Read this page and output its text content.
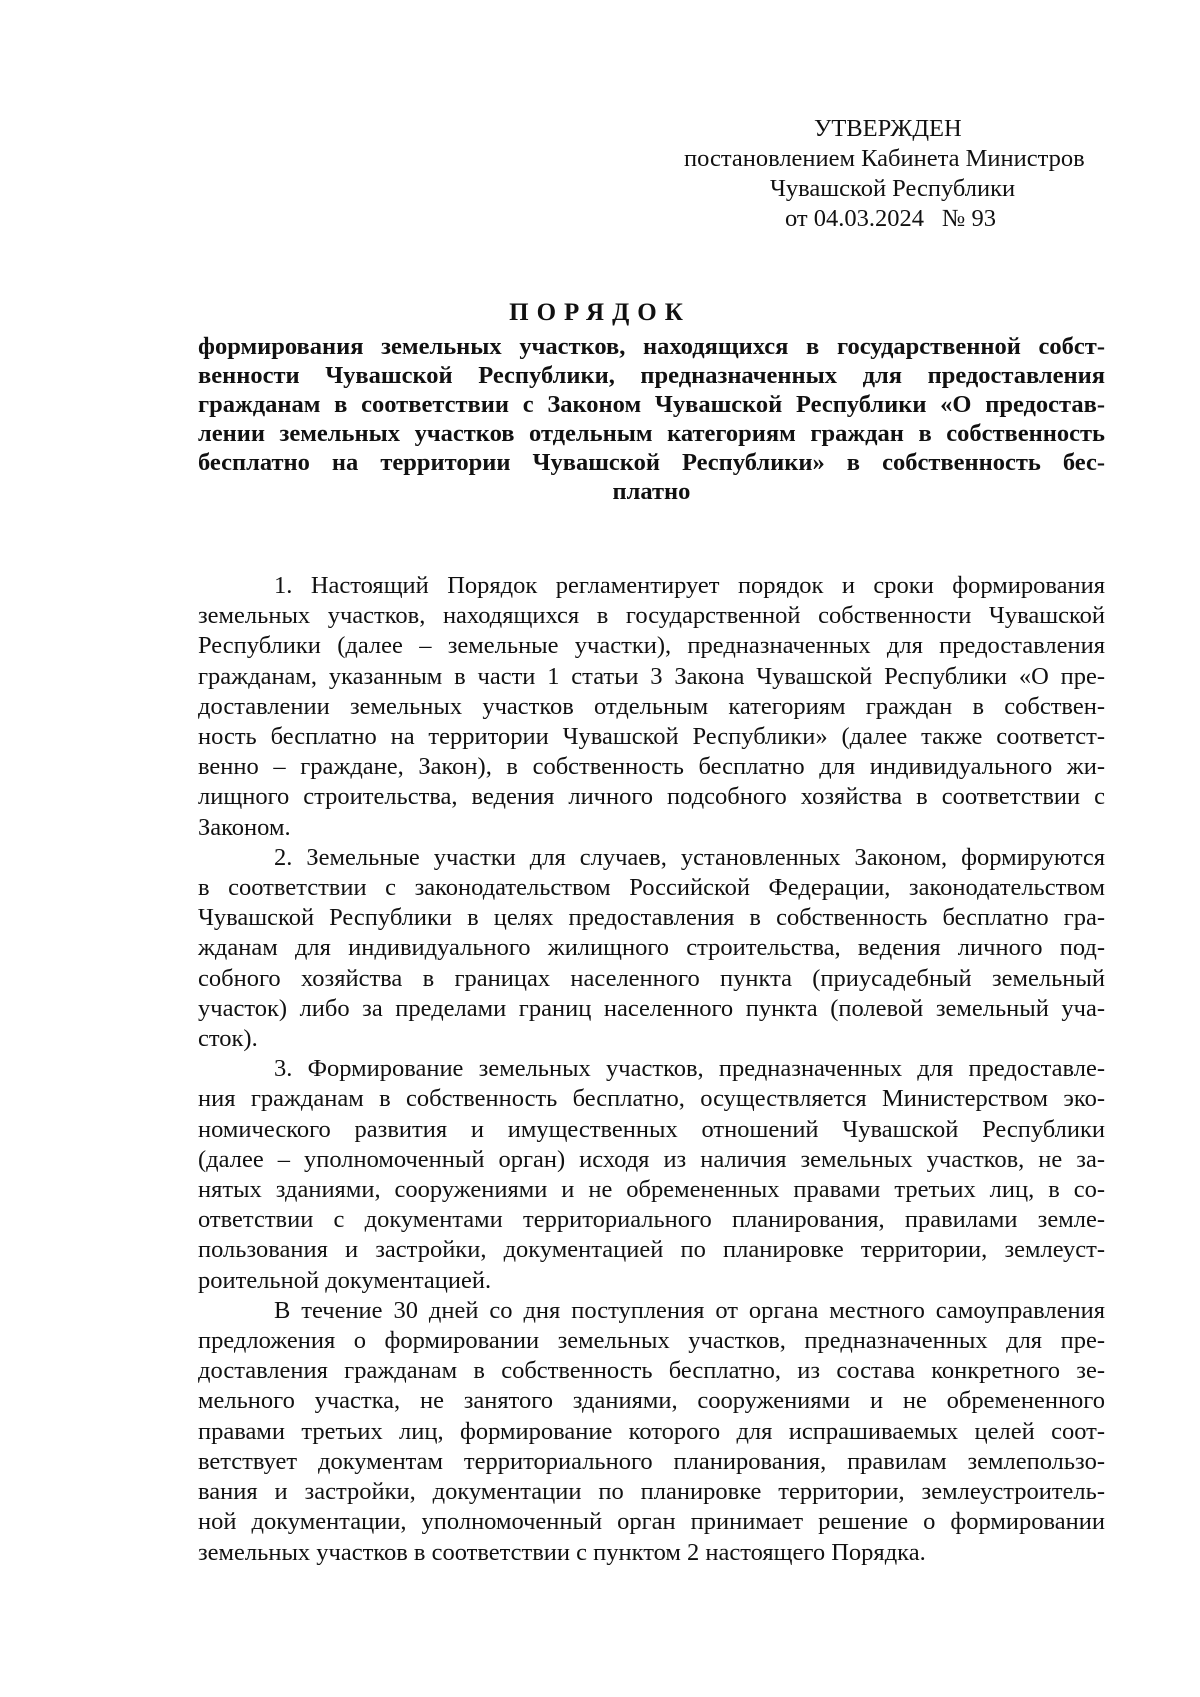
УТВЕРЖДЕН
постановлением Кабинета Министров
Чувашской Республики
от 04.03.2024 № 93
ПОРЯДОК
формирования земельных участков, находящихся в государственной собст-
венности Чувашской Республики, предназначенных для предоставления
гражданам в соответствии с Законом Чувашской Республики «О предостав-
лении земельных участков отдельным категориям граждан в собственность
бесплатно на территории Чувашской Республики» в собственность бес-
платно
1. Настоящий Порядок регламентирует порядок и сроки формирования
земельных участков, находящихся в государственной собственности Чувашской
Республики (далее – земельные участки), предназначенных для предоставления
гражданам, указанным в части 1 статьи 3 Закона Чувашской Республики «О пре-
доставлении земельных участков отдельным категориям граждан в собствен-
ность бесплатно на территории Чувашской Республики» (далее также соответст-
венно – граждане, Закон), в собственность бесплатно для индивидуального жи-
лищного строительства, ведения личного подсобного хозяйства в соответствии с
Законом.
2. Земельные участки для случаев, установленных Законом, формируются
в соответствии с законодательством Российской Федерации, законодательством
Чувашской Республики в целях предоставления в собственность бесплатно гра-
жданам для индивидуального жилищного строительства, ведения личного под-
собного хозяйства в границах населенного пункта (приусадебный земельный
участок) либо за пределами границ населенного пункта (полевой земельный уча-
сток).
3. Формирование земельных участков, предназначенных для предоставле-
ния гражданам в собственность бесплатно, осуществляется Министерством эко-
номического развития и имущественных отношений Чувашской Республики
(далее – уполномоченный орган) исходя из наличия земельных участков, не за-
нятых зданиями, сооружениями и не обремененных правами третьих лиц, в со-
ответствии с документами территориального планирования, правилами земле-
пользования и застройки, документацией по планировке территории, землеуст-
роительной документацией.
В течение 30 дней со дня поступления от органа местного самоуправления
предложения о формировании земельных участков, предназначенных для пре-
доставления гражданам в собственность бесплатно, из состава конкретного зе-
мельного участка, не занятого зданиями, сооружениями и не обремененного
правами третьих лиц, формирование которого для испрашиваемых целей соот-
ветствует документам территориального планирования, правилам землепользо-
вания и застройки, документации по планировке территории, землеустроитель-
ной документации, уполномоченный орган принимает решение о формировании
земельных участков в соответствии с пунктом 2 настоящего Порядка.
